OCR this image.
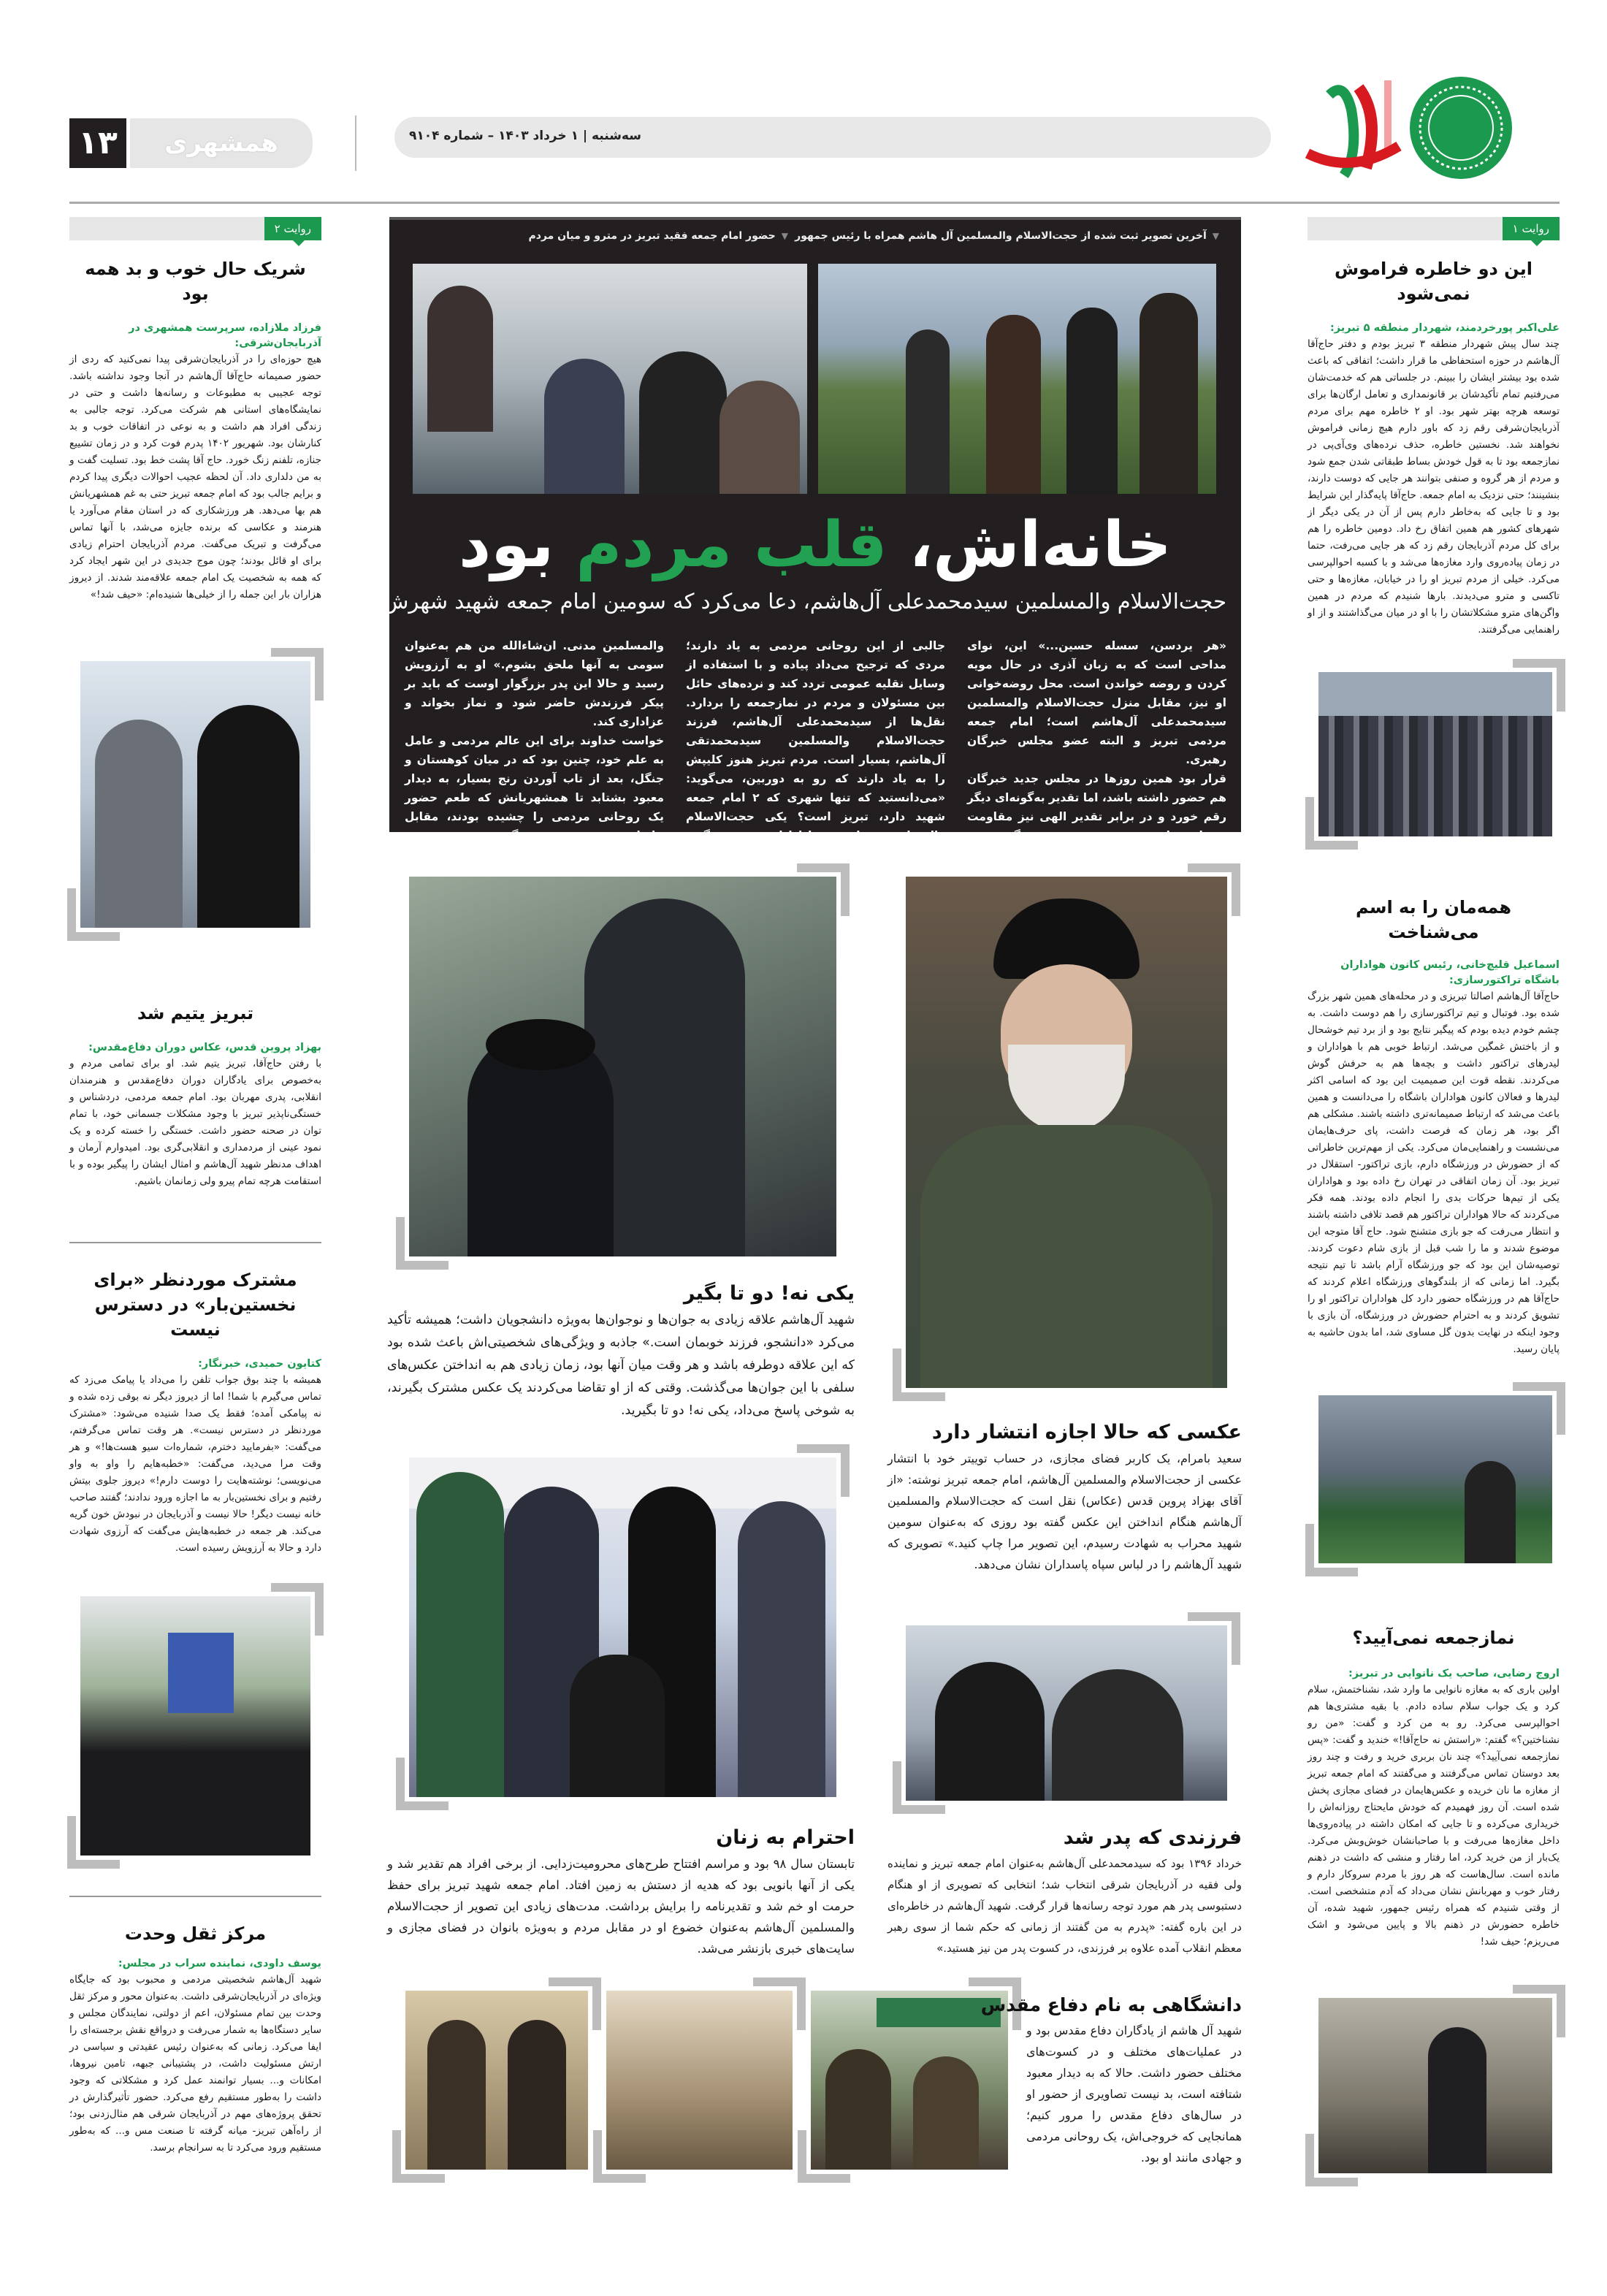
سه‌شنبه | ۱ خرداد ۱۴۰۳ – شماره ۹۱۰۴
همشهری
۱۳
▼ آخرین تصویر ثبت شده از حجت‌الاسلام والمسلمین آل هاشم همراه با رئیس جمهور
▼ حضور امام جمعه فقید تبریز در مترو و میان مردم
خانه‌اش، قلب مردم بود
حجت‌الاسلام والمسلمین سیدمحمدعلی آل‌هاشم، دعا می‌کرد که سومین امام جمعه شهید شهرش باشد

«هر یردسن، سسله حسین...» این، نوای مداحی است که به زبان آذری در حال مویه کردن و روضه خواندن است. محل روضه‌خوانی او نیز، مقابل منزل حجت‌الاسلام والمسلمین سیدمحمدعلی آل‌هاشم است؛ امام جمعه مردمی تبریز و البته عضو مجلس خبرگان رهبری.

قرار بود همین روزها در مجلس جدید خبرگان هم حضور داشته باشد، اما تقدیر به‌گونه‌ای دیگر رقم خورد و در برابر تقدیر الهی نیز مقاومت بی‌فایده است. مردم تبریز و دیگر مردم آذربایجان شرقی، خاطرات و نکته‌های

جالبی از این روحانی مردمی به یاد دارند؛ مردی که ترجیح می‌داد پیاده و با استفاده از وسایل نقلیه عمومی تردد کند و نرده‌های حائل بین مسئولان و مردم در نمازجمعه را بردارد. نقل‌ها از سیدمحمدعلی آل‌هاشم، فرزند حجت‌الاسلام والمسلمین سیدمحمدتقی آل‌هاشم، بسیار است. مردم تبریز هنوز کلیپش را به یاد دارند که رو به دوربین، می‌گوید: «می‌دانستید که تنها شهری که ۲ امام جمعه شهید دارد، تبریز است؟ یکی حجت‌الاسلام والمسلمین قاضی طباطبایی، و دیگری حجت‌الاسلام

والمسلمین مدنی. ان‌شاءالله من هم به‌عنوان سومی به آنها ملحق بشوم.» او به آرزویش رسید و حالا این پدر بزرگوار اوست که باید بر پیکر فرزندش حاضر شود و نماز بخواند و عزاداری کند.

خواست خداوند برای این عالم مردمی و عامل به علم خود، چنین بود که در میان کوهستان و جنگل، بعد از تاب آوردن رنج بسیار، به دیدار معبود بشتابد تا همشهریانش که طعم حضور یک روحانی مردمی را چشیده بودند، مقابل خانه‌اش جمع شوند و بگویند «هر یردسن، سسله حسین...»

یکی نه! دو تا بگیر

شهید آل‌هاشم علاقه زیادی به جوان‌ها و نوجوان‌ها به‌ویژه دانشجویان داشت؛ همیشه تأکید می‌کرد «دانشجو، فرزند خوبمان است.» جاذبه و ویژگی‌های شخصیتی‌اش باعث شده بود که این علاقه دوطرفه باشد و هر وقت میان آنها بود، زمان زیادی هم به انداختن عکس‌های سلفی با این جوان‌ها می‌گذشت. وقتی که از او تقاضا می‌کردند یک عکس مشترک بگیرند، به شوخی پاسخ می‌داد، یکی نه! دو تا بگیرید.

عکسی که حالا اجازه انتشار دارد

سعید بامرام، یک کاربر فضای مجازی، در حساب توییتر خود با انتشار عکسی از حجت‌الاسلام والمسلمین آل‌هاشم، امام جمعه تبریز نوشته: «از آقای بهزاد پروین قدس (عکاس) نقل است که حجت‌الاسلام والمسلمین آل‌هاشم هنگام انداختن این عکس گفته بود روزی که به‌عنوان سومین شهید محراب به شهادت رسیدم، این تصویر مرا چاپ کنید.» تصویری که شهید آل‌هاشم را در لباس سپاه پاسداران نشان می‌دهد.

احترام به زنان

تابستان سال ۹۸ بود و مراسم افتتاح طرح‌های محرومیت‌زدایی. از برخی افراد هم تقدیر شد و یکی از آنها بانویی بود که هدیه از دستش به زمین افتاد. امام جمعه شهید تبریز برای حفظ حرمت او خم شد و تقدیرنامه را برایش برداشت. مدت‌های زیادی این تصویر از حجت‌الاسلام والمسلمین آل‌هاشم به‌عنوان خضوع او در مقابل مردم و به‌ویژه بانوان در فضای مجازی و سایت‌های خبری بازنشر می‌شد.

فرزندی که پدر شد

خرداد ۱۳۹۶ بود که سیدمحمدعلی آل‌هاشم به‌عنوان امام جمعه تبریز و نماینده ولی فقیه در آذربایجان شرقی انتخاب شد؛ انتخابی که تصویری از او هنگام دستبوسی پدر هم مورد توجه رسانه‌ها قرار گرفت. شهید آل‌هاشم در خاطره‌ای در این باره گفته: «پدرم به من گفتند از زمانی که حکم شما از سوی رهبر معظم انقلاب آمده علاوه بر فرزندی، در کسوت پدر من نیز هستید.»

دانشگاهی به نام دفاع مقدس

شهید آل هاشم از یادگاران دفاع مقدس بود و در عملیات‌های مختلف و در کسوت‌های مختلف حضور داشت. حالا که به دیدار معبود شتافته است، بد نیست تصاویری از حضور او در سال‌های دفاع مقدس را مرور کنیم؛ همانجایی که خروجی‌اش، یک روحانی مردمی و جهادی مانند او بود.

روایت ۱
این دو خاطره فراموش نمی‌شود

علی‌اکبر پورخردمند، شهردار منطقه ۵ تبریز:

چند سال پیش شهردار منطقه ۳ تبریز بودم و دفتر حاج‌آقا آل‌هاشم در حوزه استحفاظی ما قرار داشت؛ اتفاقی که باعث شده بود بیشتر ایشان را ببینم. در جلساتی هم که خدمت‌شان می‌رفتیم تمام تأکیدشان بر قانونمداری و تعامل ارگان‌ها برای توسعه هرچه بهتر شهر بود. او ۲ خاطره مهم برای مردم آذربایجان‌شرقی رقم زد که باور دارم هیچ زمانی فراموش نخواهند شد. نخستین خاطره، حذف نرده‌های وی‌آی‌پی در نمازجمعه بود تا به قول خودش بساط طبقاتی شدن جمع شود و مردم از هر گروه و صنفی بتوانند هر جایی که دوست دارند، بنشینند؛ حتی نزدیک به امام جمعه. حاج‌آقا پایه‌گذار این شرایط بود و تا جایی که به‌خاطر دارم پس از آن در یکی دیگر از شهرهای کشور هم همین اتفاق رخ داد. دومین خاطره را هم برای کل مردم آذربایجان رقم زد که هر جایی می‌رفت، حتما در زمان پیاده‌روی وارد مغازه‌ها می‌شد و با کسبه احوالپرسی می‌کرد. خیلی از مردم تبریز او را در خیابان، مغازه‌ها و حتی تاکسی و مترو می‌دیدند. بارها شنیدم که مردم در همین واگن‌های مترو مشکلاتشان را با او در میان می‌گذاشتند و از او راهنمایی می‌گرفتند.

همه‌مان را به اسم می‌شناخت

اسماعیل قلیچ‌خانی، رئیس کانون هواداران باشگاه تراکتورسازی:

حاج‌آقا آل‌هاشم اصالتا تبریزی و در محله‌های همین شهر بزرگ شده بود. فوتبال و تیم تراکتورسازی را هم دوست داشت. به چشم خودم دیده بودم که پیگیر نتایج بود و از برد تیم خوشحال و از باختش غمگین می‌شد. ارتباط خوبی هم با هواداران و لیدرهای تراکتور داشت و بچه‌ها هم به حرفش گوش می‌کردند. نقطه قوت این صمیمیت این بود که اسامی اکثر لیدرها و فعالان کانون هواداران باشگاه را می‌دانست و همین باعث می‌شد که ارتباط صمیمانه‌تری داشته باشند. مشکلی هم اگر بود، هر زمان که فرصت داشت، پای حرف‌هایمان می‌نشست و راهنمایی‌مان می‌کرد. یکی از مهم‌ترین خاطراتی که از حضورش در ورزشگاه دارم، بازی تراکتور- استقلال در تبریز بود. آن زمان اتفاقی در تهران رخ داده بود و هواداران یکی از تیم‌ها حرکات بدی را انجام داده بودند. همه فکر می‌کردند که حالا هواداران تراکتور هم قصد تلافی داشته باشند و انتظار می‌رفت که جو بازی متشنج شود. حاج آقا متوجه این موضوع شدند و ما را شب قبل از بازی شام دعوت کردند. توصیه‌شان این بود که جو ورزشگاه آرام باشد تا تیم نتیجه بگیرد. اما زمانی که از بلندگوهای ورزشگاه اعلام کردند که حاج‌آقا هم در ورزشگاه حضور دارد کل هواداران تراکتور او را تشویق کردند و به احترام حضورش در ورزشگاه، آن بازی با وجود اینکه در نهایت بدون گل مساوی شد، اما بدون حاشیه به پایان رسید.

نمازجمعه نمی‌آیید؟

اروج رضایی، صاحب یک نانوایی در تبریز:

اولین باری که به مغازه نانوایی ما وارد شد، نشناختمش، سلام کرد و یک جواب سلام ساده دادم. با بقیه مشتری‌ها هم احوالپرسی می‌کرد. رو به من کرد و گفت: «من رو نشناختین؟» گفتم: «راستش نه حاج‌آقا!» خندید و گفت: «پس نمازجمعه نمی‌آیید؟» چند نان بربری خرید و رفت و چند روز بعد دوستان تماس می‌گرفتند و می‌گفتند که امام جمعه تبریز از مغازه ما نان خریده و عکس‌هایمان در فضای مجازی پخش شده است. آن روز فهمیدم که خودش مایحتاج روزانه‌اش را خریداری می‌کرده و تا جایی که امکان داشته در پیاده‌روی‌ها داخل مغازه‌ها می‌رفت و با صاحبانشان خوش‌وبش می‌کرد. یک‌بار از من خرید کرد، اما رفتار و منشی که داشت در ذهنم مانده است. سال‌هاست که هر روز با مردم سروکار دارم و رفتار خوب و مهربانش نشان می‌داد که آدم متشخصی است. از وقتی شنیدم که همراه رئیس جمهور، شهید شده، آن خاطره حضورش در ذهنم بالا و پایین می‌شود و اشک می‌ریزم؛ حیف شد!

روایت ۲
شریک حال خوب و بد همه بود

فرزاد ملازاده، سرپرست همشهری در آذربایجان‌شرقی:

هیچ حوزه‌ای را در آذربایجان‌شرقی پیدا نمی‌کنید که ردی از حضور صمیمانه حاج‌آقا آل‌هاشم در آنجا وجود نداشته باشد. توجه عجیبی به مطبوعات و رسانه‌ها داشت و حتی در نمایشگاه‌های استانی هم شرکت می‌کرد. توجه جالبی به زندگی افراد هم داشت و به نوعی در اتفاقات خوب و بد کنارشان بود. شهریور ۱۴۰۲ پدرم فوت کرد و در زمان تشییع جنازه، تلفنم زنگ خورد. حاج آقا پشت خط بود. تسلیت گفت و به من دلداری داد. آن لحظه عجیب احوالات دیگری پیدا کردم و برایم جالب بود که امام جمعه تبریز حتی به غم همشهریانش هم بها می‌دهد. هر ورزشکاری که در استان مقام می‌آورد یا هنرمند و عکاسی که برنده جایزه می‌شد، با آنها تماس می‌گرفت و تبریک می‌گفت. مردم آذربایجان احترام زیادی برای او قائل بودند؛ چون موج جدیدی در این شهر ایجاد کرد که همه به شخصیت یک امام جمعه علاقه‌مند شدند. از دیروز هزاران بار این جمله را از خیلی‌ها شنیده‌ام: «حیف شد!»

تبریز یتیم شد

بهزاد پروین قدس، عکاس دوران دفاع‌مقدس:

با رفتن حاج‌آقا، تبریز یتیم شد. او برای تمامی مردم و به‌خصوص برای یادگاران دوران دفاع‌مقدس و هنرمندان انقلابی، پدری مهربان بود. امام جمعه مردمی، دردشناس و خستگی‌ناپذیر تبریز با وجود مشکلات جسمانی خود، با تمام توان در صحنه حضور داشت. خستگی را خسته کرده و یک نمود عینی از مردمداری و انقلابی‌گری بود. امیدوارم آرمان و اهداف مدنظر شهید آل‌هاشم و امثال ایشان را پیگیر بوده و با استقامت هرچه تمام پیرو ولی زمانمان باشیم.

مشترک موردنظر «برای نخستین‌بار» در دسترس نیست

کتایون حمیدی، خبرنگار:

همیشه با چند بوق جواب تلفن را می‌داد یا پیامک می‌زد که تماس می‌گیرم با شما! اما از دیروز دیگر نه بوقی زده شده و نه پیامکی آمده؛ فقط یک صدا شنیده می‌شود: «مشترک موردنظر در دسترس نیست». هر وقت تماس می‌گرفتم، می‌گفت: «بفرمایید دخترم، شماره‌ات سیو هست‌ها!» و هر وقت مرا می‌دید، می‌گفت: «خطبه‌هایم را واو به واو می‌نویسی؛ نوشته‌هایت را دوست دارم!» دیروز جلوی بیتش رفتیم و برای نخستین‌بار به ما اجازه ورود ندادند؛ گفتند صاحب خانه نیست دیگر! حالا نیست و آذربایجان در نبودش خون گریه می‌کند. هر جمعه در خطبه‌هایش می‌گفت که آرزوی شهادت دارد و حالا به آرزویش رسیده است.

مرکز ثقل وحدت

یوسف داودی، نماینده سراب در مجلس:

شهید آل‌هاشم شخصیتی مردمی و محبوب بود که جایگاه ویژه‌ای در آذربایجان‌شرقی داشت. به‌عنوان محور و مرکز ثقل وحدت بین تمام مسئولان، اعم از دولتی، نمایندگان مجلس و سایر دستگاه‌ها به شمار می‌رفت و درواقع نقش برجسته‌ای را ایفا می‌کرد. زمانی که به‌عنوان رئیس عقیدتی و سیاسی در ارتش مسئولیت داشت، در پشتیبانی جبهه، تامین نیروها، امکانات و... بسیار توانمند عمل کرد و مشکلاتی که وجود داشت را به‌طور مستقیم رفع می‌کرد. حضور تأثیرگذارش در تحقق پروژه‌های مهم در آذربایجان شرقی هم مثال‌زدنی بود؛ از راه‌آهن تبریز- میانه گرفته تا صنعت مس و... که به‌طور مستقیم ورود می‌کرد تا به سرانجام برسد.
